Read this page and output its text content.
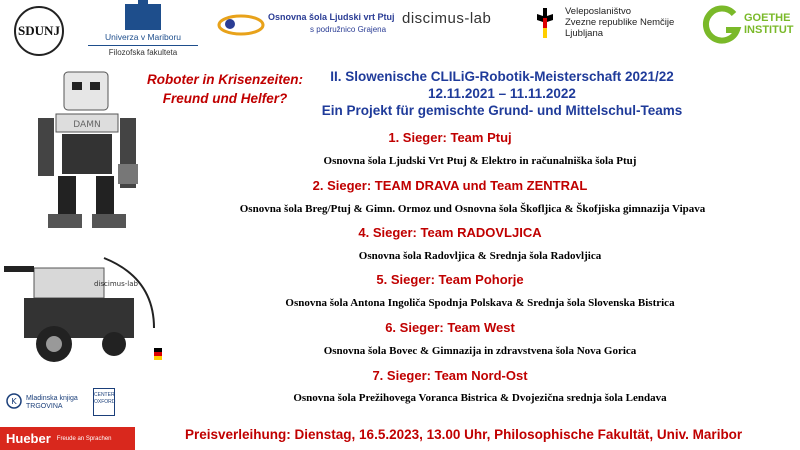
SDUNJ	Univerza v Mariboru
Filozofska fakulteta
Osnovna šola Ljudski vrt Ptuj
s podružnico Grajena
discimus-lab	Veleposlaništvo
Zvezne republike Nemčije
Ljubljana
GOETHE
INSTITUT
DAMN
discimus-lab
Roboter in Krisenzeiten:
Freund und Helfer?
II. Slowenische CLILiG-Robotik-Meisterschaft 2021/22
12.11.2021 – 11.11.2022
Ein Projekt für gemischte Grund- und Mittelschul-Teams
1. Sieger: Team Ptuj
Osnovna šola Ljudski Vrt Ptuj & Elektro in računalniška šola Ptuj
2. Sieger: TEAM DRAVA und Team ZENTRAL
Osnovna šola Breg/Ptuj & Gimn. Ormoz und Osnovna šola Škofljica & Škofjiska gimnazija Vipava
4. Sieger: Team RADOVLJICA
Osnovna šola Radovljica & Srednja šola Radovljica
5. Sieger: Team Pohorje
Osnovna šola Antona Ingoliča Spodnja Polskava & Srednja šola Slovenska Bistrica
6. Sieger: Team West
Osnovna šola Bovec & Gimnazija in zdravstvena šola Nova Gorica
7. Sieger: Team Nord-Ost
Osnovna šola Prežihovega Voranca Bistrica & Dvojezična srednja šola Lendava
K Mladinska knjiga
TRGOVINA
CENTER OXFORD
Hueber Freude an Sprachen	Preisverleihung: Dienstag, 16.5.2023, 13.00 Uhr, Philosophische Fakultät, Univ. Maribor
